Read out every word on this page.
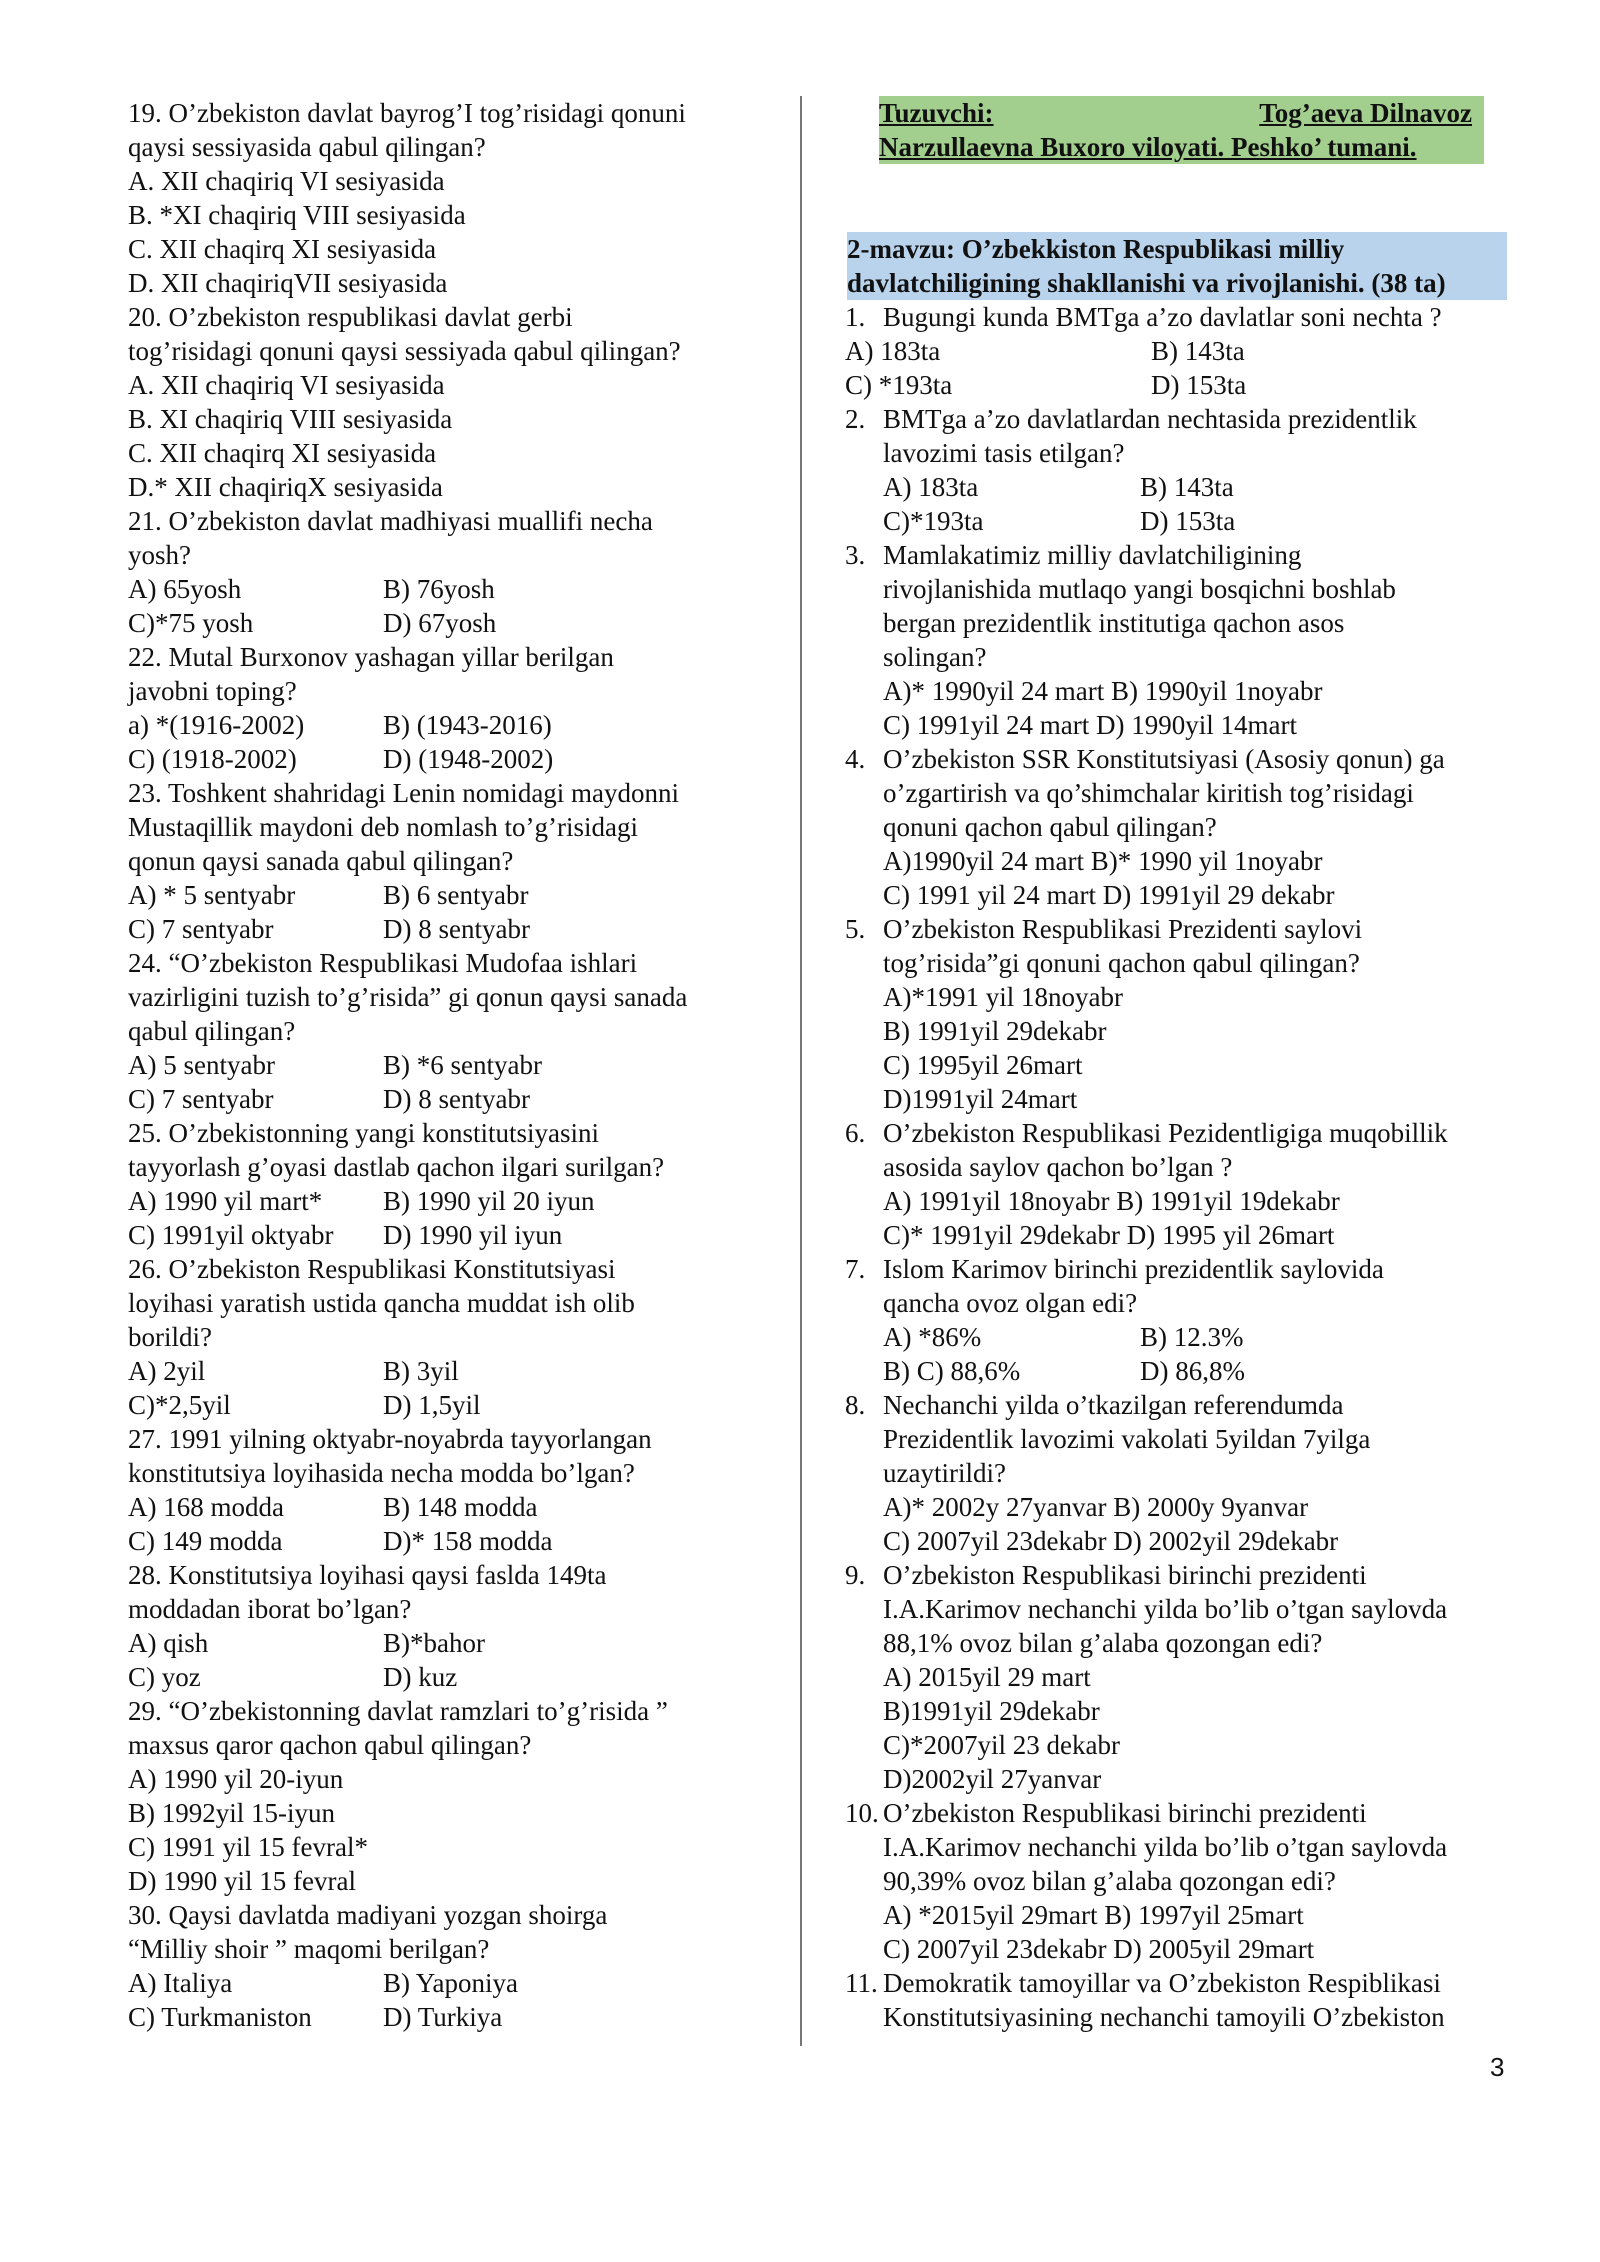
19. O’zbekiston davlat bayrog’I tog’risidagi qonuni
qaysi sessiyasida qabul qilingan?
A. XII chaqiriq VI sesiyasida
B. *XI chaqiriq VIII sesiyasida
C. XII chaqirq XI sesiyasida
D. XII chaqiriqVII sesiyasida
20. O’zbekiston respublikasi davlat gerbi
tog’risidagi qonuni qaysi sessiyada qabul qilingan?
A. XII chaqiriq VI sesiyasida
B. XI chaqiriq VIII sesiyasida
C. XII chaqirq XI sesiyasida
D.* XII chaqiriqX sesiyasida
21. O’zbekiston davlat madhiyasi muallifi necha
yosh?
A) 65yosh	B) 76yosh
C)*75 yosh	D) 67yosh
22. Mutal Burxonov yashagan yillar berilgan
javobni toping?
a) *(1916-2002)	B) (1943-2016)
C) (1918-2002)	D) (1948-2002)
23. Toshkent shahridagi Lenin nomidagi maydonni
Mustaqillik maydoni deb nomlash to’g’risidagi
qonun qaysi sanada qabul qilingan?
A) * 5 sentyabr	B) 6 sentyabr
C) 7 sentyabr	D) 8 sentyabr
24. “O’zbekiston Respublikasi Mudofaa ishlari
vazirligini tuzish to’g’risida” gi qonun qaysi sanada
qabul qilingan?
A) 5 sentyabr	B) *6 sentyabr
C) 7 sentyabr	D) 8 sentyabr
25. O’zbekistonning yangi konstitutsiyasini
tayyorlash g’oyasi dastlab qachon ilgari surilgan?
A) 1990 yil mart*	B) 1990 yil 20 iyun
C) 1991yil oktyabr	D) 1990 yil iyun
26. O’zbekiston Respublikasi Konstitutsiyasi
loyihasi yaratish ustida qancha muddat ish olib
borildi?
A) 2yil	B) 3yil
C)*2,5yil	D) 1,5yil
27. 1991 yilning oktyabr-noyabrda tayyorlangan
konstitutsiya loyihasida necha modda bo’lgan?
A) 168 modda	B) 148 modda
C) 149 modda	D)* 158 modda
28. Konstitutsiya loyihasi qaysi faslda 149ta
moddadan iborat bo’lgan?
A) qish	B)*bahor
C) yoz	D) kuz
29. “O’zbekistonning davlat ramzlari to’g’risida ”
maxsus qaror qachon qabul qilingan?
A) 1990 yil 20-iyun
B) 1992yil 15-iyun
C) 1991 yil 15 fevral*
D) 1990 yil 15 fevral
30. Qaysi davlatda madiyani yozgan shoirga
“Milliy shoir ” maqomi berilgan?
A) Italiya	B) Yaponiya
C) Turkmaniston	D) Turkiya
Tuzuvchi:	Tog’aeva Dilnavoz
Narzullaevna Buxoro viloyati. Peshko’ tumani.
2-mavzu: O’zbekkiston Respublikasi milliy
davlatchiligining shakllanishi va rivojlanishi. (38 ta)
1. Bugungi kunda BMTga a’zo davlatlar soni nechta ?
A) 183ta	B) 143ta
C) *193ta	D) 153ta
2. BMTga a’zo davlatlardan nechtasida prezidentlik
lavozimi tasis etilgan?
A) 183ta	B) 143ta
C)*193ta	D) 153ta
3. Mamlakatimiz milliy davlatchiligining
rivojlanishida mutlaqo yangi bosqichni boshlab
bergan prezidentlik institutiga qachon asos
solingan?
A)* 1990yil 24 mart B) 1990yil 1noyabr
C) 1991yil 24 mart D) 1990yil 14mart
4. O’zbekiston SSR Konstitutsiyasi (Asosiy qonun) ga
o’zgartirish va qo’shimchalar kiritish tog’risidagi
qonuni qachon qabul qilingan?
A)1990yil 24 mart B)* 1990 yil 1noyabr
C) 1991 yil 24 mart D) 1991yil 29 dekabr
5. O’zbekiston Respublikasi Prezidenti saylovi
tog’risida”gi qonuni qachon qabul qilingan?
A)*1991 yil 18noyabr
B) 1991yil 29dekabr
C) 1995yil 26mart
D)1991yil 24mart
6. O’zbekiston Respublikasi Pezidentligiga muqobillik
asosida saylov qachon bo’lgan ?
A) 1991yil 18noyabr B) 1991yil 19dekabr
C)* 1991yil 29dekabr D) 1995 yil 26mart
7. Islom Karimov birinchi prezidentlik saylovida
qancha ovoz olgan edi?
A) *86%	B) 12.3%
B) C) 88,6%	D) 86,8%
8. Nechanchi yilda o’tkazilgan referendumda
Prezidentlik lavozimi vakolati 5yildan 7yilga
uzaytirildi?
A)* 2002y 27yanvar B) 2000y 9yanvar
C) 2007yil 23dekabr D) 2002yil 29dekabr
9. O’zbekiston Respublikasi birinchi prezidenti
I.A.Karimov nechanchi yilda bo’lib o’tgan saylovda
88,1% ovoz bilan g’alaba qozongan edi?
A) 2015yil 29 mart
B)1991yil 29dekabr
C)*2007yil 23 dekabr
D)2002yil 27yanvar
10. O’zbekiston Respublikasi birinchi prezidenti
I.A.Karimov nechanchi yilda bo’lib o’tgan saylovda
90,39% ovoz bilan g’alaba qozongan edi?
A) *2015yil 29mart B) 1997yil 25mart
C) 2007yil 23dekabr D) 2005yil 29mart
11. Demokratik tamoyillar va O’zbekiston Respiblikasi
Konstitutsiyasining nechanchi tamoyili O’zbekiston
3
